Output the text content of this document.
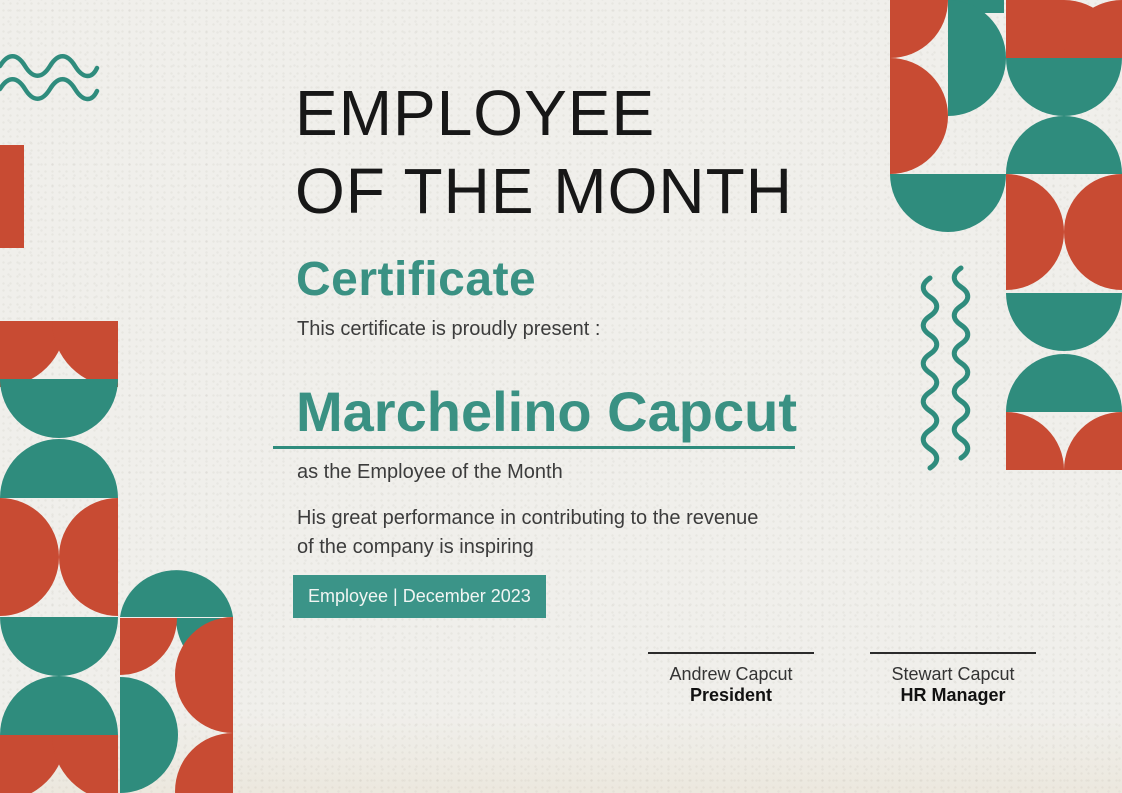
EMPLOYEE
OF THE MONTH
Certificate
This certificate is proudly present :
Marchelino Capcut
as the Employee of the Month
His great performance in contributing to the revenue
of the company is inspiring
Employee | December 2023
Andrew Capcut
President
Stewart Capcut
HR Manager
